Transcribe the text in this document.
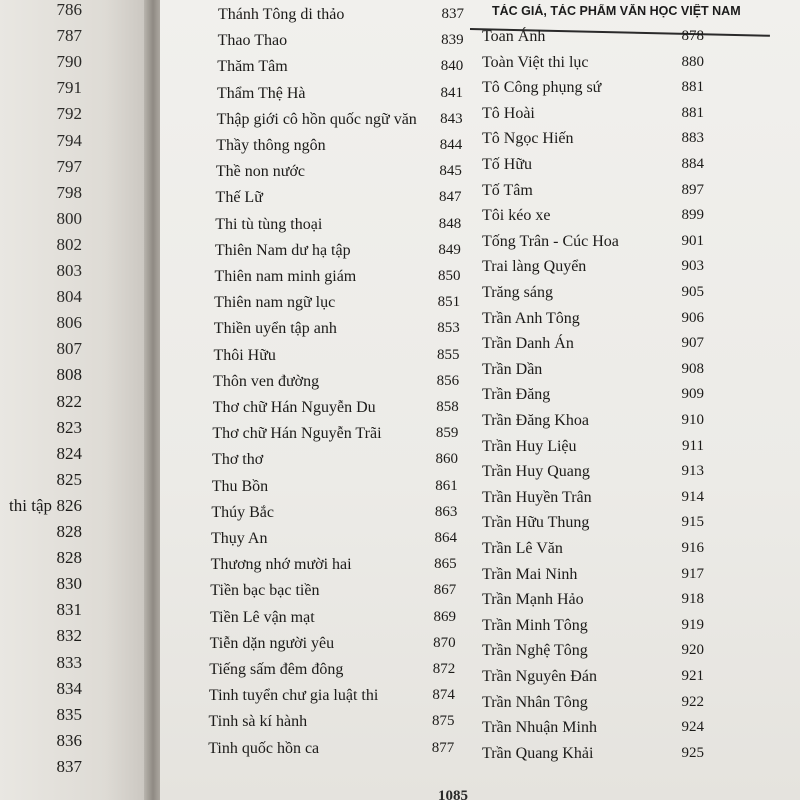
786
787
790
791
792
794
797
798
800
802
803
804
806
807
808
822
823
824
825
thi tập 826
828
828
830
831
832
833
834
835
836
837
TÁC GIẢ, TÁC PHẨM VĂN HỌC VIỆT NAM
Thánh Tông di thảo	837
Thao Thao	839
Thăm Tâm	840
Thẩm Thệ Hà	841
Thập giới cô hồn quốc ngữ văn 843
Thầy thông ngôn	844
Thề non nước	845
Thế Lữ	847
Thi tù tùng thoại	848
Thiên Nam dư hạ tập	849
Thiên nam minh giám	850
Thiên nam ngữ lục	851
Thiền uyển tập anh	853
Thôi Hữu	855
Thôn ven đường	856
Thơ chữ Hán Nguyễn Du	858
Thơ chữ Hán Nguyễn Trãi	859
Thơ thơ	860
Thu Bồn	861
Thúy Bắc	863
Thụy An	864
Thương nhớ mười hai	865
Tiền bạc bạc tiền	867
Tiền Lê vận mạt	869
Tiễn dặn người yêu	870
Tiếng sấm đêm đông	872
Tinh tuyển chư gia luật thi	874
Tinh sà kí hành	875
Tinh quốc hồn ca	877
Toan Ánh	878
Toàn Việt thi lục	880
Tô Công phụng sứ	881
Tô Hoài	881
Tô Ngọc Hiến	883
Tố Hữu	884
Tố Tâm	897
Tôi kéo xe	899
Tống Trân - Cúc Hoa	901
Trai làng Quyển	903
Trăng sáng	905
Trần Anh Tông	906
Trần Danh Án	907
Trần Dần	908
Trần Đăng	909
Trần Đăng Khoa	910
Trần Huy Liệu	911
Trần Huy Quang	913
Trần Huyền Trân	914
Trần Hữu Thung	915
Trần Lê Văn	916
Trần Mai Ninh	917
Trần Mạnh Hảo	918
Trần Minh Tông	919
Trần Nghệ Tông	920
Trần Nguyên Đán	921
Trần Nhân Tông	922
Trần Nhuận Minh	924
Trần Quang Khải	925
1085
